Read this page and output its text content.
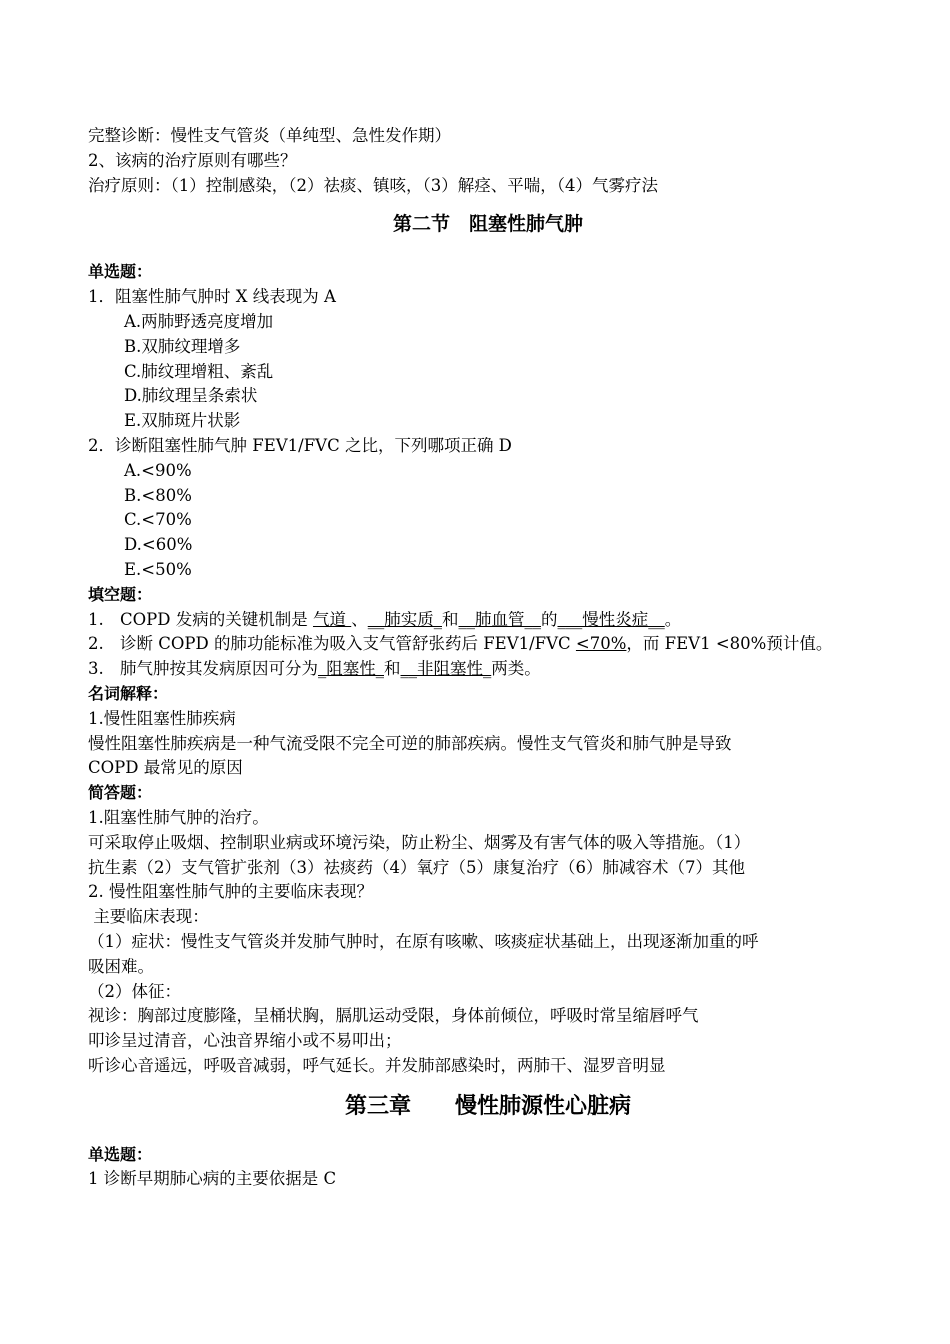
完整诊断：慢性支气管炎（单纯型、急性发作期）
2、该病的治疗原则有哪些？
治疗原则：（1）控制感染，（2）祛痰、镇咳，（3）解痉、平喘，（4）气雾疗法
第二节　阻塞性肺气肿
单选题：
1．阻塞性肺气肿时 X 线表现为 A
A.两肺野透亮度增加
B.双肺纹理增多
C.肺纹理增粗、紊乱
D.肺纹理呈条索状
E.双肺斑片状影
2．诊断阻塞性肺气肿 FEV1/FVC 之比，下列哪项正确 D
A.<90%
B.<80%
C.<70%
D.<60%
E.<50%
填空题：
1. COPD 发病的关键机制是 气道 、__肺实质_和__肺血管__的___慢性炎症__。
2. 诊断 COPD 的肺功能标准为吸入支气管舒张药后 FEV1/FVC <70%，而 FEV1 <80%预计值。
3. 肺气肿按其发病原因可分为_阻塞性_和__非阻塞性_两类。
名词解释：
1.慢性阻塞性肺疾病
慢性阻塞性肺疾病是一种气流受限不完全可逆的肺部疾病。慢性支气管炎和肺气肿是导致
COPD 最常见的原因
简答题：
1.阻塞性肺气肿的治疗。
可采取停止吸烟、控制职业病或环境污染，防止粉尘、烟雾及有害气体的吸入等措施。（1）
抗生素（2）支气管扩张剂（3）祛痰药（4）氧疗（5）康复治疗（6）肺减容术（7）其他
2. 慢性阻塞性肺气肿的主要临床表现？
主要临床表现：
（1）症状：慢性支气管炎并发肺气肿时，在原有咳嗽、咳痰症状基础上，出现逐渐加重的呼
吸困难。
（2）体征：
视诊：胸部过度膨隆，呈桶状胸，膈肌运动受限，身体前倾位，呼吸时常呈缩唇呼气
叩诊呈过清音，心浊音界缩小或不易叩出；
听诊心音遥远，呼吸音减弱，呼气延长。并发肺部感染时，两肺干、湿罗音明显
第三章　　慢性肺源性心脏病
单选题：
1 诊断早期肺心病的主要依据是 C
